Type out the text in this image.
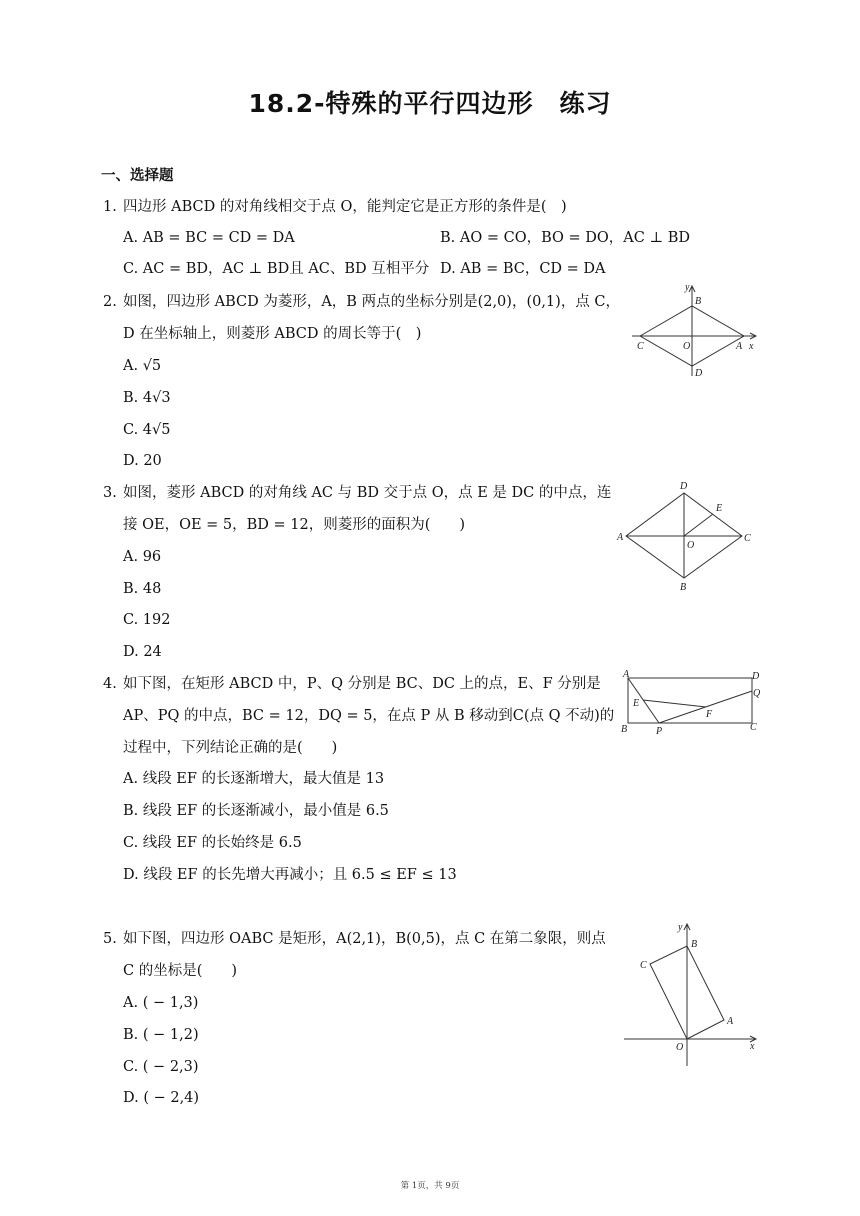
18.2-特殊的平行四边形　练习
一、选择题
1. 四边形 ABCD 的对角线相交于点 O，能判定它是正方形的条件是(　)
A. AB = BC = CD = DA	B. AO = CO，BO = DO，AC ⊥ BD
C. AC = BD，AC ⊥ BD且 AC、BD 互相平分 D. AB = BC，CD = DA
2. 如图，四边形 ABCD 为菱形，A，B 两点的坐标分别是(2,0)，(0,1)，点 C，
D 在坐标轴上，则菱形 ABCD 的周长等于(　)
A. √5
B. 4√3
C. 4√5
D. 20
y
B
C	O	A x
D
3. 如图，菱形 ABCD 的对角线 AC 与 BD 交于点 O，点 E 是 DC 的中点，连
接 OE，OE = 5，BD = 12，则菱形的面积为(　　)
A. 96
B. 48
C. 192
D. 24
D
E
A
O
C
B
4. 如下图，在矩形 ABCD 中，P、Q 分别是 BC、DC 上的点，E、F 分别是
AP、PQ 的中点，BC = 12，DQ = 5，在点 P 从 B 移动到C(点 Q 不动)的
过程中，下列结论正确的是(　　)
A. 线段 EF 的长逐渐增大，最大值是 13
B. 线段 EF 的长逐渐减小，最小值是 6.5
C. 线段 EF 的长始终是 6.5
D. 线段 EF 的长先增大再减小；且 6.5 ≤ EF ≤ 13
A	D
Q
E
F
B	P	C
5. 如下图，四边形 OABC 是矩形，A(2,1)，B(0,5)，点 C 在第二象限，则点
C 的坐标是(　　)
A. ( − 1,3)
B. ( − 1,2)
C. ( − 2,3)
D. ( − 2,4)
y
B
C
A
O	x
第 1页，共 9页
